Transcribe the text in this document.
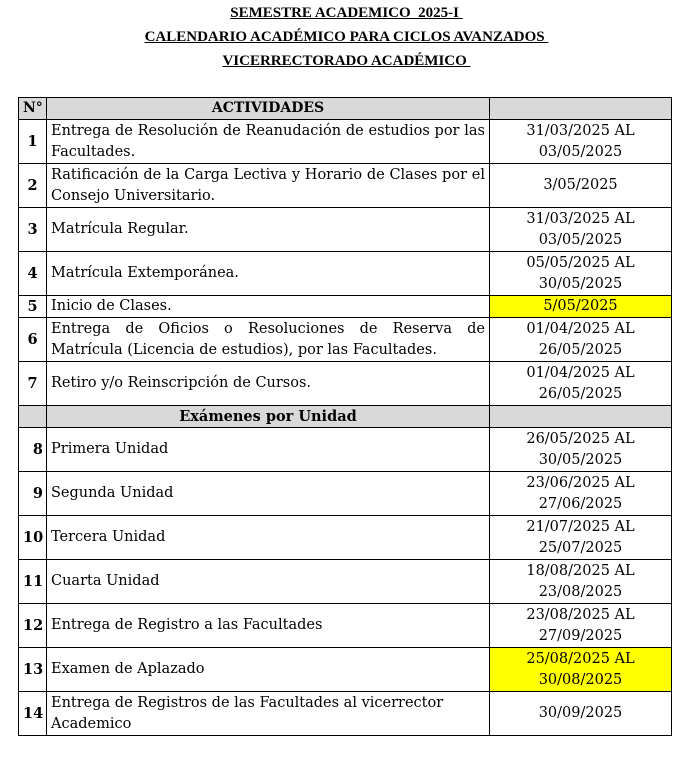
SEMESTRE ACADEMICO  2025-I
CALENDARIO ACADÉMICO PARA CICLOS AVANZADOS
VICERRECTORADO ACADÉMICO
N°	ACTIVIDADES	
1	Entrega de Resolución de Reanudación de estudios por las Facultades.	31/03/2025 AL
03/05/2025

2	Ratificación de la Carga Lectiva y Horario de Clases por el Consejo Universitario.	3/05/2025
3	Matrícula Regular.	31/03/2025 AL
03/05/2025

4	Matrícula Extemporánea.	05/05/2025 AL
30/05/2025

5	Inicio de Clases.	5/05/2025
6	Entrega de Oficios o Resoluciones de Reserva de Matrícula (Licencia de estudios), por las Facultades.	01/04/2025 AL
26/05/2025

7	Retiro y/o Reinscripción de Cursos.	01/04/2025 AL
26/05/2025

	Exámenes por Unidad	
8	Primera Unidad	26/05/2025 AL
30/05/2025

9	Segunda Unidad	23/06/2025 AL
27/06/2025

10	Tercera Unidad	21/07/2025 AL
25/07/2025

11	Cuarta Unidad	18/08/2025 AL
23/08/2025

12	Entrega de Registro a las Facultades	23/08/2025 AL
27/09/2025

13	Examen de Aplazado	25/08/2025 AL
30/08/2025

14	Entrega de Registros de las Facultades al vicerrector Academico	30/09/2025
